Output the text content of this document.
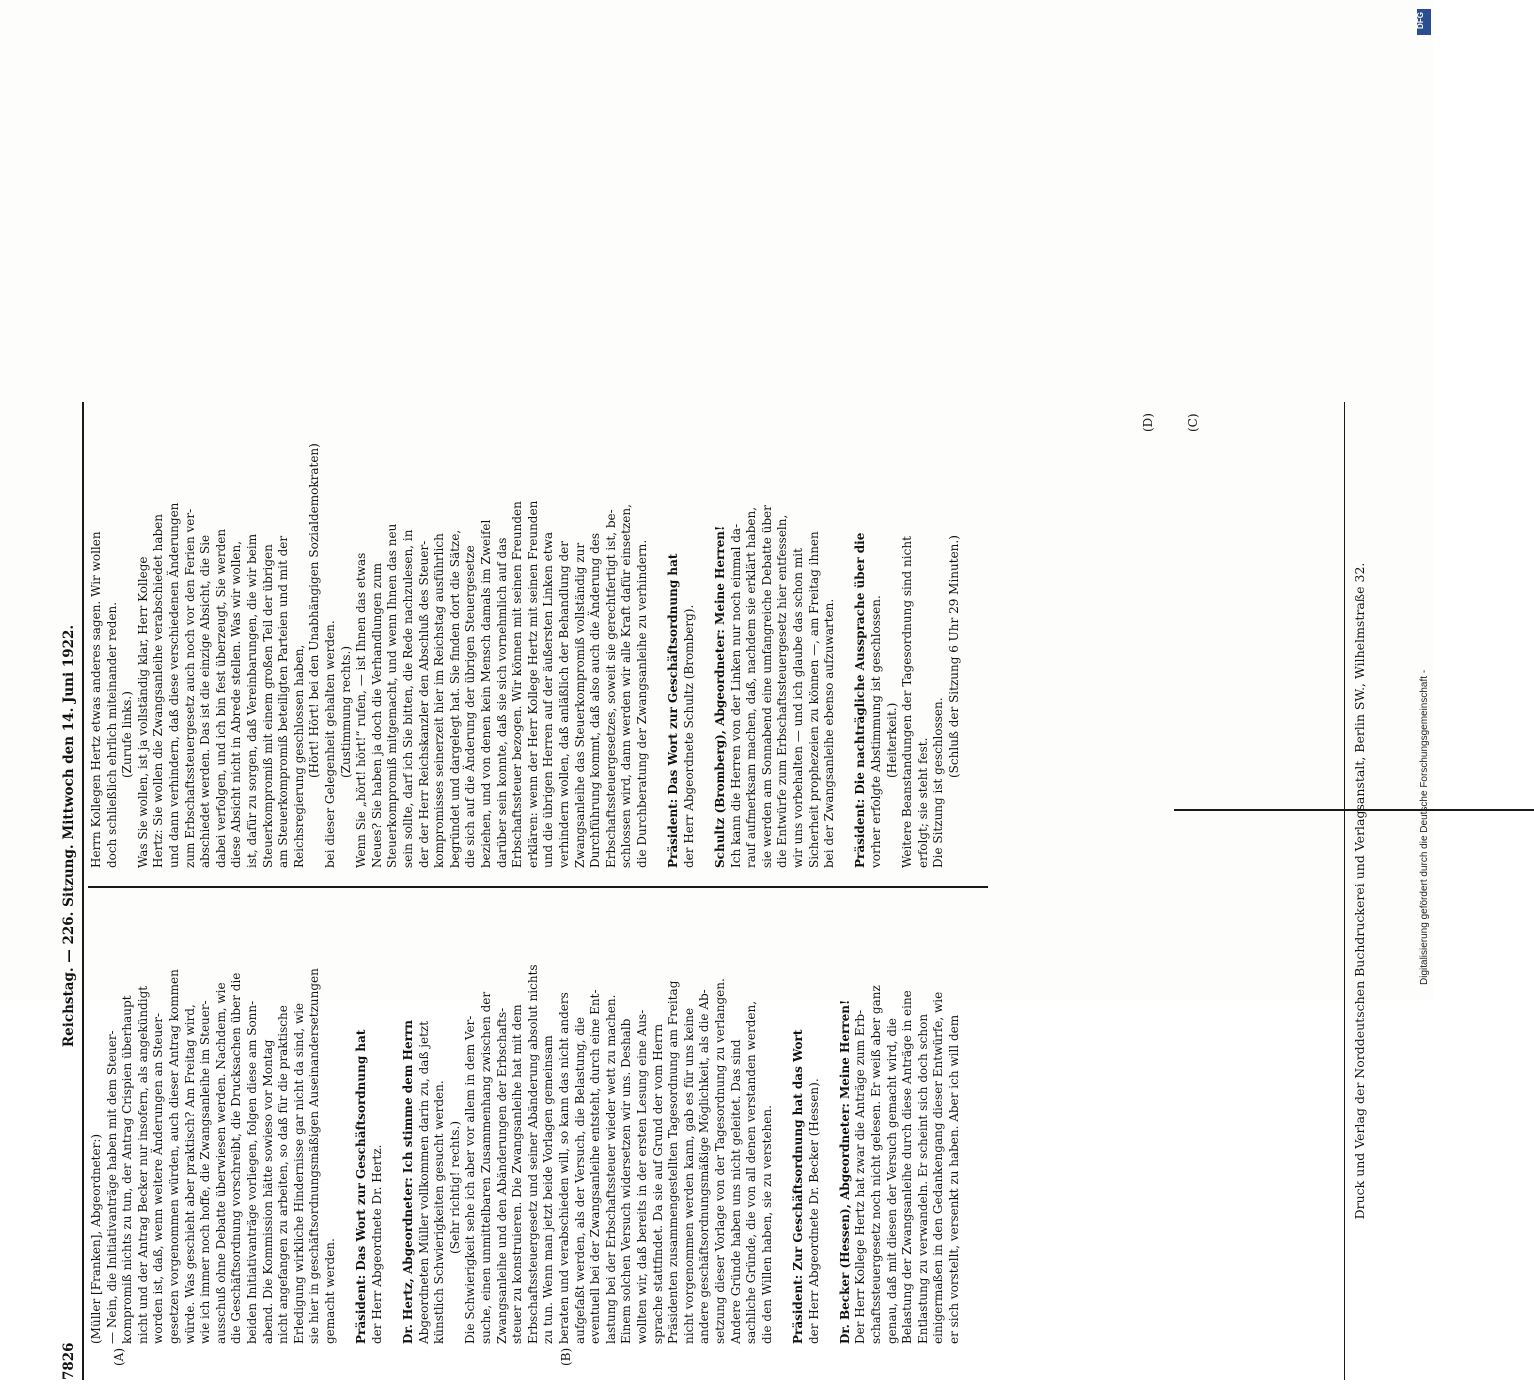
7826
Reichstag. — 226. Sitzung. Mittwoch den 14. Juni 1922.
(A)	(B)
(C)
(D)
Druck und Verlag der Norddeutschen Buchdruckerei und Verlagsanstalt, Berlin SW., Wilhelmstraße 32.
(Müller [Franken], Abgeordneter:) — Nein, die Initiativanträge haben mit dem Steuer- kompromiß nichts zu tun, der Antrag Crispien überhaupt nicht und der Antrag Becker nur insofern, als angekündigt worden ist, daß, wenn weitere Änderungen an Steuer- gesetzen vorgenommen würden, auch dieser Antrag kommen würde. Was geschieht aber praktisch? Am Freitag wird, wie ich immer noch hoffe, die Zwangsanleihe im Steuer- ausschuß ohne Debatte überwiesen werden. Nachdem, wie die Geschäftsordnung vorschreibt, die Drucksachen über die beiden Initiativanträge vorliegen, folgen diese am Sonn- abend. Die Kommission hätte sowieso vor Montag nicht angefangen zu arbeiten, so daß für die praktische Erledigung wirkliche Hindernisse gar nicht da sind, wie sie hier in geschäftsordnungsmäßigen Auseinandersetzungen gemacht werden. Präsident: Das Wort zur Geschäftsordnung hat der Herr Abgeordnete Dr. Hertz. Dr. Hertz, Abgeordneter: Ich stimme dem Herrn Abgeordneten Müller vollkommen darin zu, daß jetzt künstlich Schwierigkeiten gesucht werden. (Sehr richtig! rechts.) Die Schwierigkeit sehe ich aber vor allem in dem Ver- suche, einen unmittelbaren Zusammenhang zwischen der Zwangsanleihe und den Abänderungen der Erbschafts- steuer zu konstruieren. Die Zwangsanleihe hat mit dem Erbschaftssteuergesetz und seiner Abänderung absolut nichts zu tun. Wenn man jetzt beide Vorlagen gemeinsam beraten und verabschieden will, so kann das nicht anders aufgefaßt werden, als der Versuch, die Belastung, die eventuell bei der Zwangsanleihe entsteht, durch eine Ent- lastung bei der Erbschaftssteuer wieder wett zu machen. Einem solchen Versuch widersetzen wir uns. Deshalb wollten wir, daß bereits in der ersten Lesung eine Aus- sprache stattfindet. Da sie auf Grund der vom Herrn Präsidenten zusammengestellten Tagesordnung am Freitag nicht vorgenommen werden kann, gab es für uns keine andere geschäftsordnungsmäßige Möglichkeit, als die Ab- setzung dieser Vorlage von der Tagesordnung zu verlangen. Andere Gründe haben uns nicht geleitet. Das sind sachliche Gründe, die von all denen verstanden werden, die den Willen haben, sie zu verstehen. Präsident: Zur Geschäftsordnung hat das Wort der Herr Abgeordnete Dr. Becker (Hessen). Dr. Becker (Hessen), Abgeordneter: Meine Herren! Der Herr Kollege Hertz hat zwar die Anträge zum Erb- schaftssteuergesetz noch nicht gelesen. Er weiß aber ganz genau, daß mit diesen der Versuch gemacht wird, die Belastung der Zwangsanleihe durch diese Anträge in eine Entlastung zu verwandeln. Er scheint sich doch schon einigermaßen in den Gedankengang dieser Entwürfe, wie er sich vorstellt, versenkt zu haben. Aber ich will dem
Herrn Kollegen Hertz etwas anderes sagen. Wir wollen doch schließlich ehrlich miteinander reden. (Zurufe links.) Was Sie wollen, ist ja vollständig klar, Herr Kollege Hertz: Sie wollen die Zwangsanleihe verabschiedet haben und dann verhindern, daß diese verschiedenen Änderungen zum Erbschaftssteuergesetz auch noch vor den Ferien ver- abschiedet werden. Das ist die einzige Absicht, die Sie dabei verfolgen, und ich bin fest überzeugt, Sie werden diese Absicht nicht in Abrede stellen. Was wir wollen, ist, dafür zu sorgen, daß Vereinbarungen, die wir beim Steuerkompromiß mit einem großen Teil der übrigen am Steuerkompromiß beteiligten Parteien und mit der Reichsregierung geschlossen haben, (Hört! Hört! bei den Unabhängigen Sozialdemokraten) bei dieser Gelegenheit gehalten werden. (Zustimmung rechts.) Wenn Sie „hört! hört!“ rufen, — ist Ihnen das etwas Neues? Sie haben ja doch die Verhandlungen zum Steuerkompromiß mitgemacht, und wenn Ihnen das neu sein sollte, darf ich Sie bitten, die Rede nachzulesen, in der der Herr Reichskanzler den Abschluß des Steuer- kompromisses seinerzeit hier im Reichstag ausführlich begründet und dargelegt hat. Sie finden dort die Sätze, die sich auf die Änderung der übrigen Steuergesetze beziehen, und von denen kein Mensch damals im Zweifel darüber sein konnte, daß sie sich vornehmlich auf das Erbschaftssteuer bezogen. Wir können mit seinen Freunden erklären: wenn der Herr Kollege Hertz mit seinen Freunden und die übrigen Herren auf der äußersten Linken etwa verhindern wollen, daß anläßlich der Behandlung der Zwangsanleihe das Steuerkompromiß vollständig zur Durchführung kommt, daß also auch die Änderung des Erbschaftssteuergesetzes, soweit sie gerechtfertigt ist, be- schlossen wird, dann werden wir alle Kraft dafür einsetzen, die Durchberatung der Zwangsanleihe zu verhindern. Präsident: Das Wort zur Geschäftsordnung hat der Herr Abgeordnete Schultz (Bromberg). Schultz (Bromberg), Abgeordneter: Meine Herren! Ich kann die Herren von der Linken nur noch einmal da- rauf aufmerksam machen, daß, nachdem sie erklärt haben, sie werden am Sonnabend eine umfangreiche Debatte über die Entwürfe zum Erbschaftssteuergesetz hier entfesseln, wir uns vorbehalten — und ich glaube das schon mit Sicherheit prophezeien zu können —, am Freitag ihnen bei der Zwangsanleihe ebenso aufzuwarten. Präsident: Die nachträgliche Aussprache über die vorher erfolgte Abstimmung ist geschlossen. (Heiterkeit.) Weitere Beanstandungen der Tagesordnung sind nicht erfolgt; sie steht fest. Die Sitzung ist geschlossen.
(Schluß der Sitzung 6 Uhr 29 Minuten.)
Digitalisierung gefördert durch die Deutsche Forschungsgemeinschaft -
DFG
